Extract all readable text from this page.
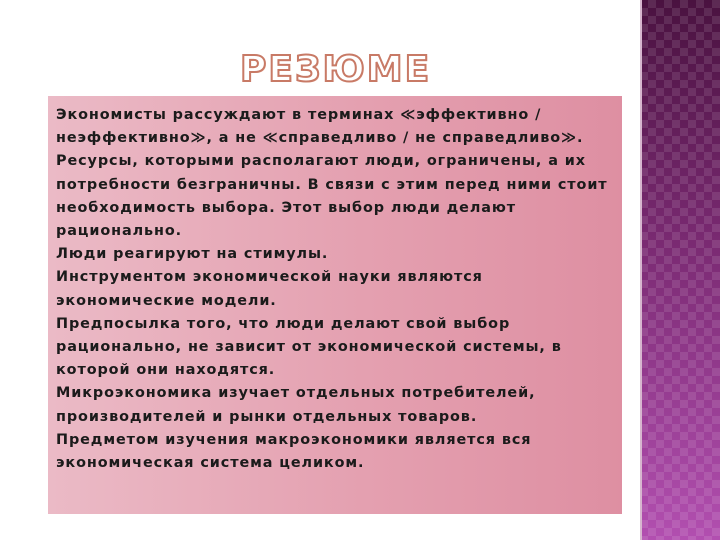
РЕЗЮМЕ

Экономисты рассуждают в терминах ≪эффективно / неэффективно≫, а не ≪справедливо / не справедливо≫.

Ресурсы, которыми располагают люди, ограничены, а их потребности безграничны. В связи с этим перед ними стоит необходимость выбора. Этот выбор люди делают рационально.

Люди реагируют на стимулы.

Инструментом экономической науки являются экономические модели.

Предпосылка того, что люди делают свой выбор рационально, не зависит от экономической системы, в которой они находятся.

Микроэкономика изучает отдельных потребителей, производителей и рынки отдельных товаров.

Предметом изучения макроэкономики является вся экономическая система целиком.
